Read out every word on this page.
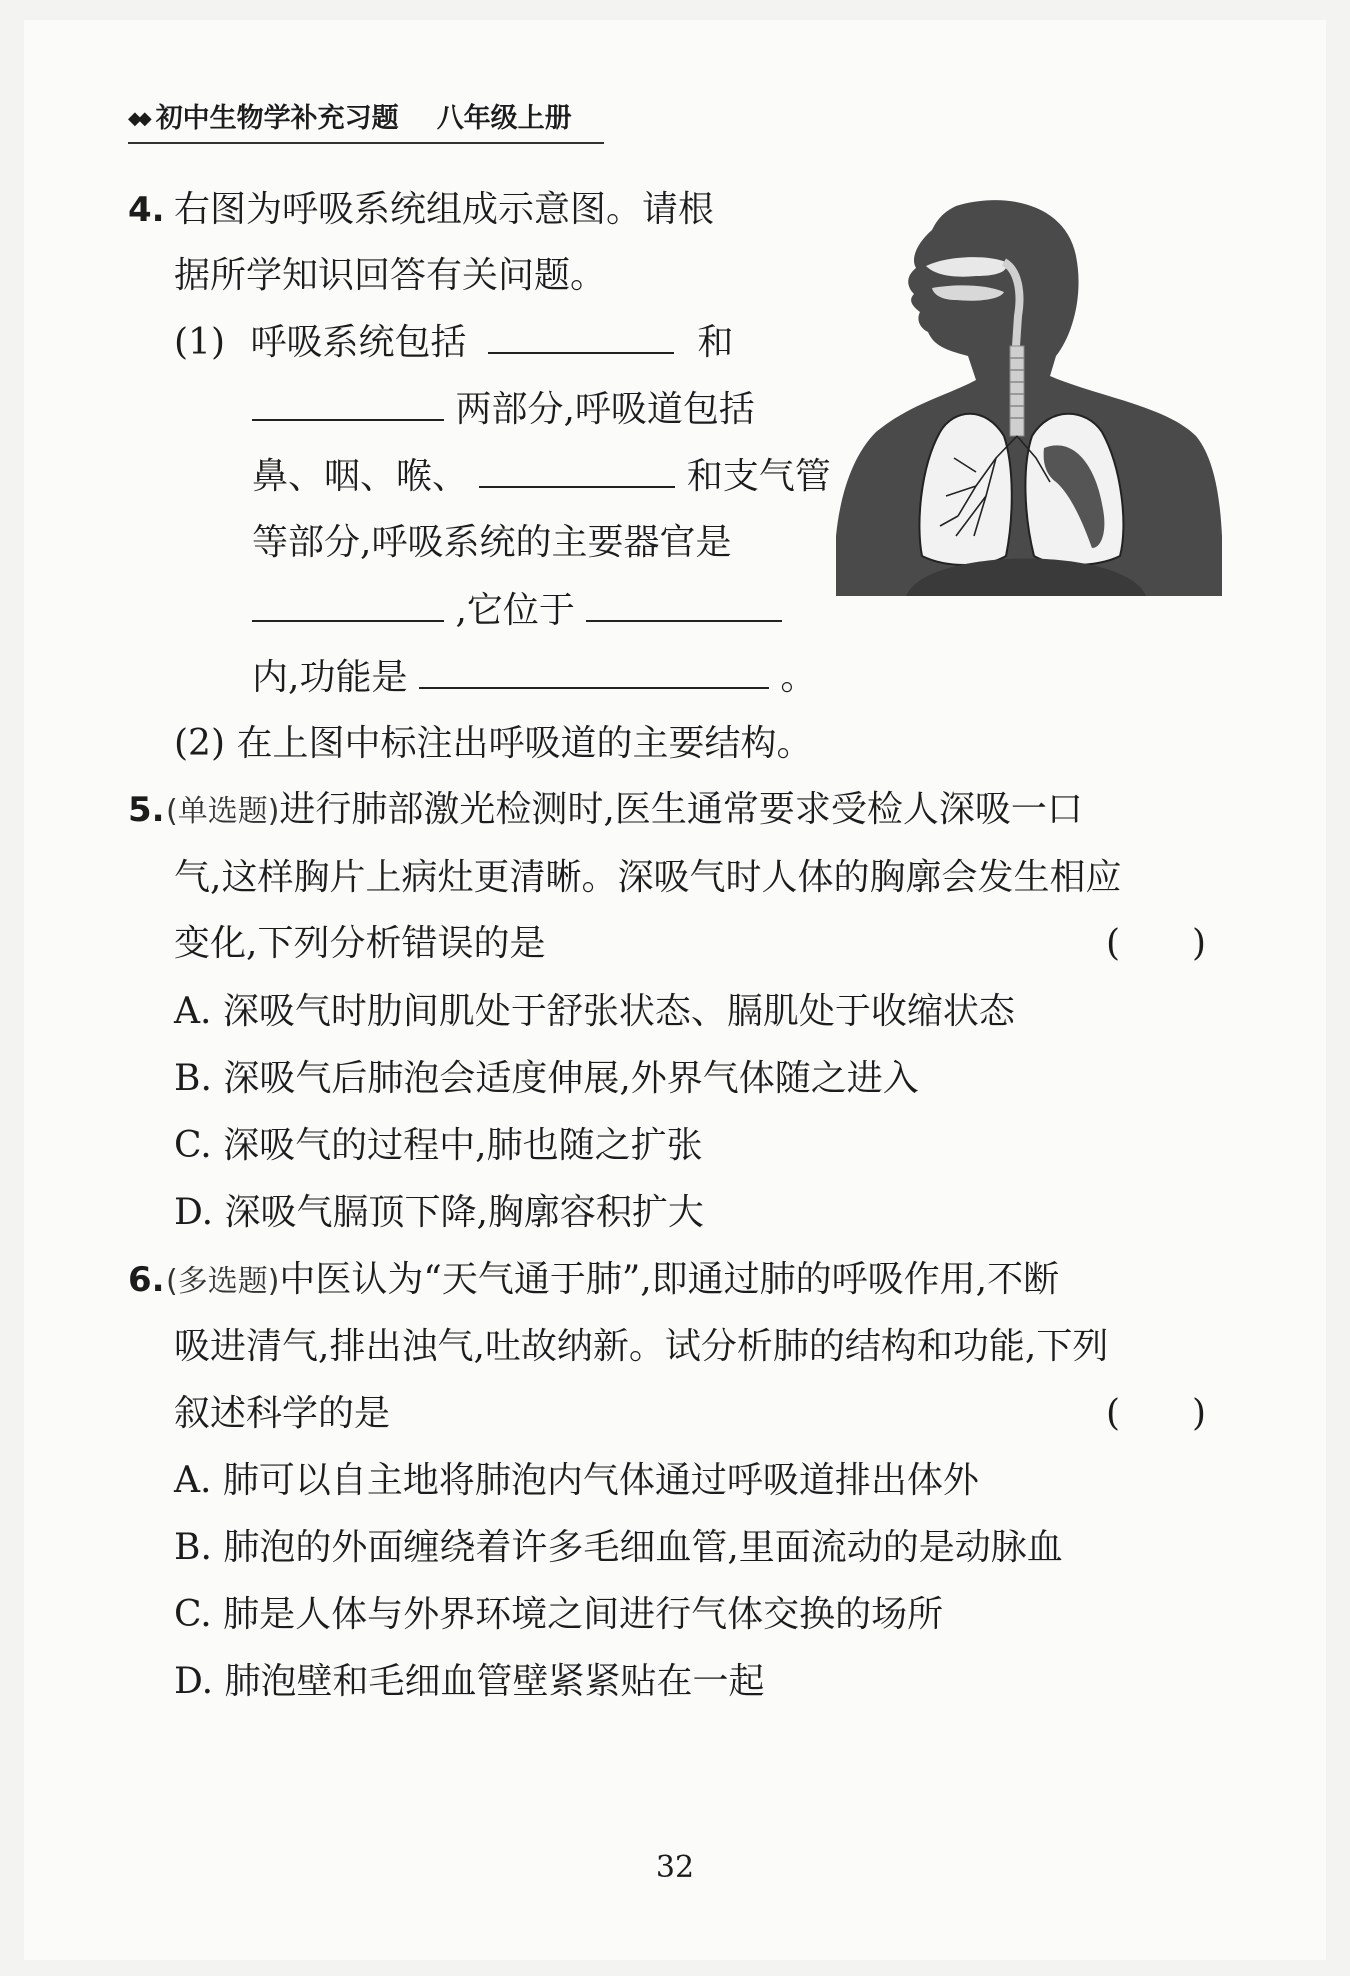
◆◆ 初中生物学补充习题 八年级上册
4. 右图为呼吸系统组成示意图。请根
据所学知识回答有关问题。
(1) 呼吸系统包括	和
两部分,呼吸道包括
鼻、咽、喉、	和支气管
等部分,呼吸系统的主要器官是
,它位于
内,功能是	。
(2) 在上图中标注出呼吸道的主要结构。
5. (单选题)进行肺部激光检测时,医生通常要求受检人深吸一口
气,这样胸片上病灶更清晰。深吸气时人体的胸廓会发生相应
变化,下列分析错误的是	(　　)
A. 深吸气时肋间肌处于舒张状态、膈肌处于收缩状态
B. 深吸气后肺泡会适度伸展,外界气体随之进入
C. 深吸气的过程中,肺也随之扩张
D. 深吸气膈顶下降,胸廓容积扩大
6. (多选题)中医认为“天气通于肺”,即通过肺的呼吸作用,不断
吸进清气,排出浊气,吐故纳新。试分析肺的结构和功能,下列
叙述科学的是	(　　)
A. 肺可以自主地将肺泡内气体通过呼吸道排出体外
B. 肺泡的外面缠绕着许多毛细血管,里面流动的是动脉血
C. 肺是人体与外界环境之间进行气体交换的场所
D. 肺泡壁和毛细血管壁紧紧贴在一起
32
